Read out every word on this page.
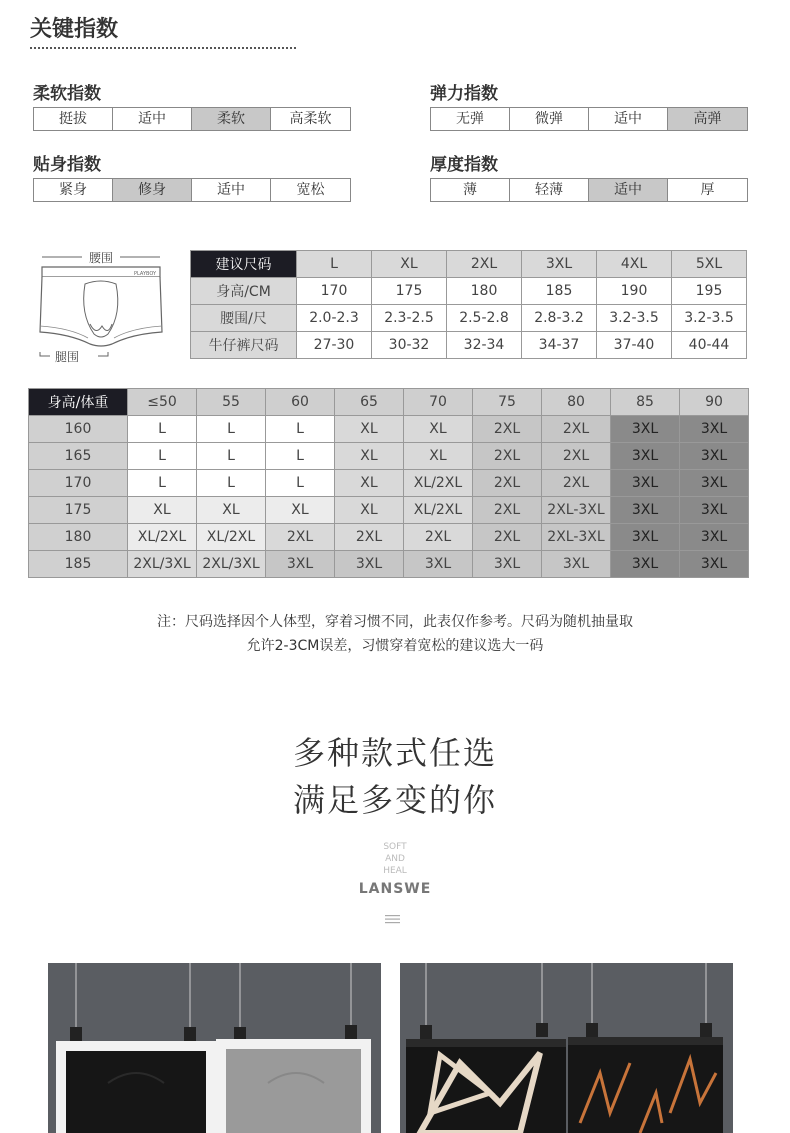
关键指数
柔软指数
挺拔	适中	柔软	高柔软
弹力指数
无弹	微弹	适中	高弹
贴身指数
紧身	修身	适中	宽松
厚度指数
薄	轻薄	适中	厚
腰围
PLAYBOY
腿围
建议尺码	L	XL	2XL	3XL	4XL	5XL
身高/CM	170	175	180	185	190	195
腰围/尺	2.0-2.3	2.3-2.5	2.5-2.8	2.8-3.2	3.2-3.5	3.2-3.5
牛仔裤尺码	27-30	30-32	32-34	34-37	37-40	40-44
身高/体重	≤50	55	60	65	70	75	80	85	90
160	L	L	L	XL	XL	2XL	2XL	3XL	3XL
165	L	L	L	XL	XL	2XL	2XL	3XL	3XL
170	L	L	L	XL	XL/2XL	2XL	2XL	3XL	3XL
175	XL	XL	XL	XL	XL/2XL	2XL	2XL-3XL	3XL	3XL
180	XL/2XL	XL/2XL	2XL	2XL	2XL	2XL	2XL-3XL	3XL	3XL
185	2XL/3XL	2XL/3XL	3XL	3XL	3XL	3XL	3XL	3XL	3XL
注：尺码选择因个人体型，穿着习惯不同，此表仅作参考。尺码为随机抽量取
允许2-3CM误差，习惯穿着宽松的建议选大一码
多种款式任选
满足多变的你
SOFT
AND
HEAL
LANSWE
